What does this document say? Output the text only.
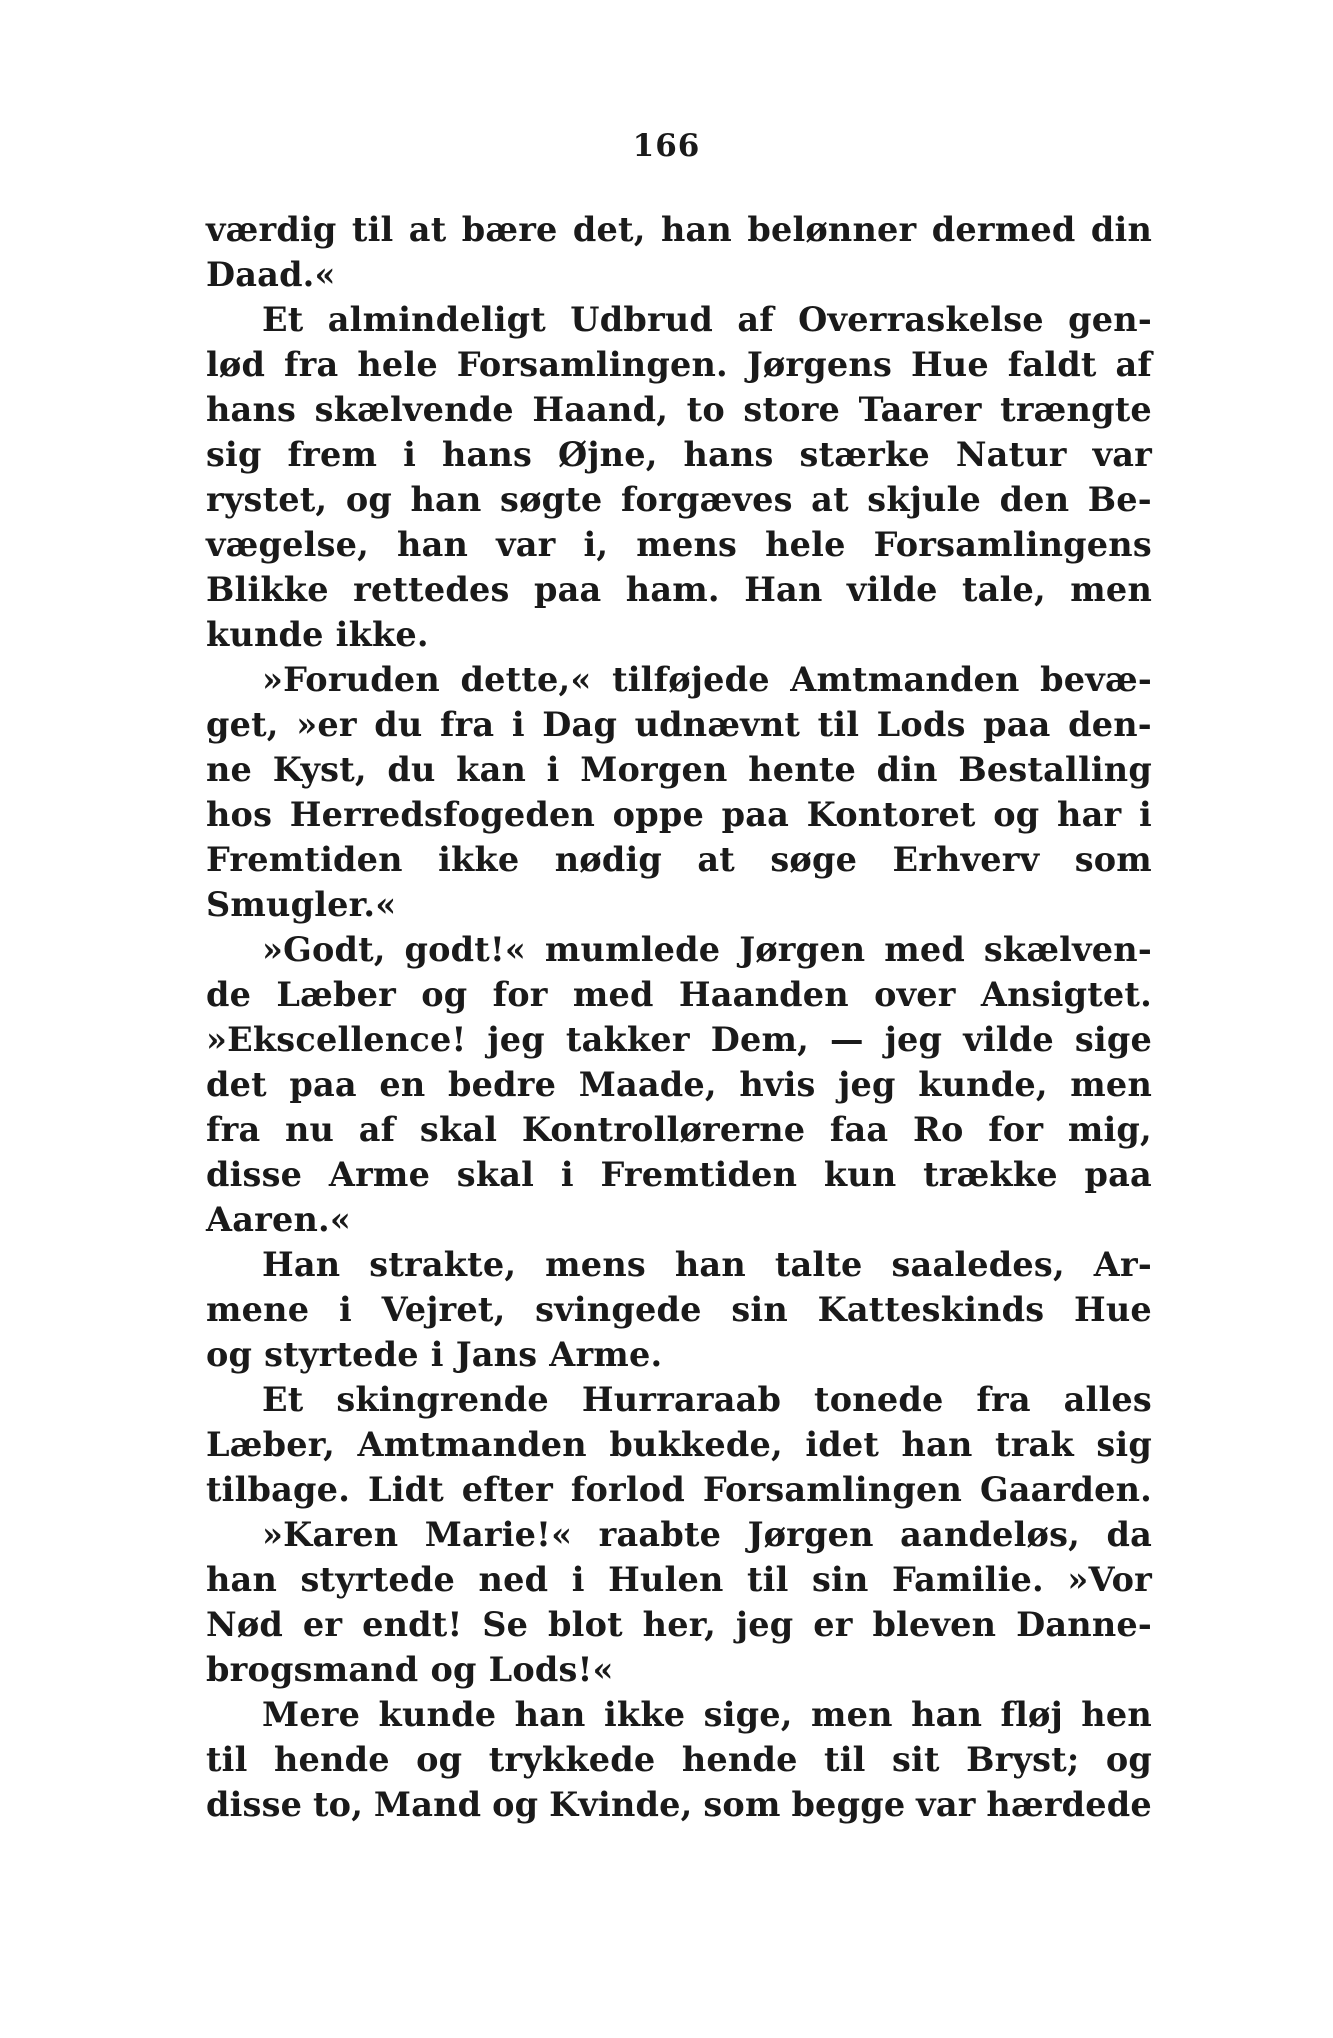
166
værdig til at bære det, han belønner dermed din
Daad.«
Et almindeligt Udbrud af Overraskelse gen-
lød fra hele Forsamlingen. Jørgens Hue faldt af
hans skælvende Haand, to store Taarer trængte
sig frem i hans Øjne, hans stærke Natur var
rystet, og han søgte forgæves at skjule den Be-
vægelse, han var i, mens hele Forsamlingens
Blikke rettedes paa ham. Han vilde tale, men
kunde ikke.
»Foruden dette,« tilføjede Amtmanden bevæ-
get, »er du fra i Dag udnævnt til Lods paa den-
ne Kyst, du kan i Morgen hente din Bestalling
hos Herredsfogeden oppe paa Kontoret og har i
Fremtiden ikke nødig at søge Erhverv som
Smugler.«
»Godt, godt!« mumlede Jørgen med skælven-
de Læber og for med Haanden over Ansigtet.
»Ekscellence! jeg takker Dem, — jeg vilde sige
det paa en bedre Maade, hvis jeg kunde, men
fra nu af skal Kontrollørerne faa Ro for mig,
disse Arme skal i Fremtiden kun trække paa
Aaren.«
Han strakte, mens han talte saaledes, Ar-
mene i Vejret, svingede sin Katteskinds Hue
og styrtede i Jans Arme.
Et skingrende Hurraraab tonede fra alles
Læber, Amtmanden bukkede, idet han trak sig
tilbage. Lidt efter forlod Forsamlingen Gaarden.
»Karen Marie!« raabte Jørgen aandeløs, da
han styrtede ned i Hulen til sin Familie. »Vor
Nød er endt! Se blot her, jeg er bleven Danne-
brogsmand og Lods!«
Mere kunde han ikke sige, men han fløj hen
til hende og trykkede hende til sit Bryst; og
disse to, Mand og Kvinde, som begge var hærdede
